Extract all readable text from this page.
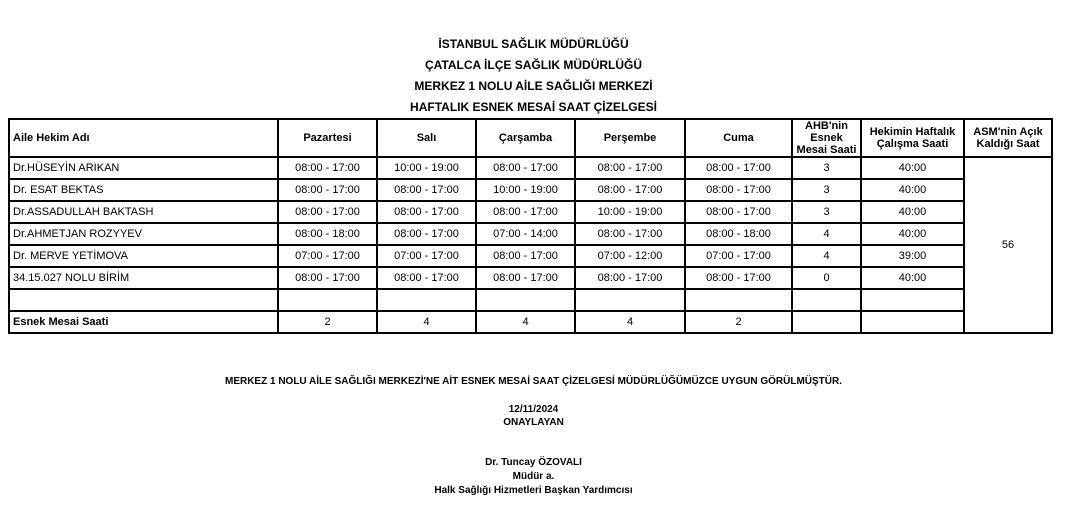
İSTANBUL SAĞLIK MÜDÜRLÜĞÜ
ÇATALCA İLÇE SAĞLIK MÜDÜRLÜĞÜ
MERKEZ 1 NOLU AİLE SAĞLIĞI MERKEZİ
HAFTALIK ESNEK MESAİ SAAT ÇİZELGESİ
Aile Hekim Adı	Pazartesi	Salı	Çarşamba	Perşembe	Cuma	AHB'nin Esnek Mesai Saati	Hekimin Haftalık Çalışma Saati	ASM'nin Açık Kaldığı Saat
Dr.HÜSEYİN ARIKAN	08:00 - 17:00	10:00 - 19:00	08:00 - 17:00	08:00 - 17:00	08:00 - 17:00	3	40:00	56
Dr. ESAT BEKTAS	08:00 - 17:00	08:00 - 17:00	10:00 - 19:00	08:00 - 17:00	08:00 - 17:00	3	40:00	
Dr.ASSADULLAH BAKTASH	08:00 - 17:00	08:00 - 17:00	08:00 - 17:00	10:00 - 19:00	08:00 - 17:00	3	40:00	
Dr.AHMETJAN ROZYYEV	08:00 - 18:00	08:00 - 17:00	07:00 - 14:00	08:00 - 17:00	08:00 - 18:00	4	40:00	
Dr. MERVE YETİMOVA	07:00 - 17:00	07:00 - 17:00	08:00 - 17:00	07:00 - 12:00	07:00 - 17:00	4	39:00	
34.15.027 NOLU BİRİM	08:00 - 17:00	08:00 - 17:00	08:00 - 17:00	08:00 - 17:00	08:00 - 17:00	0	40:00	

Esnek Mesai Saati	2	4	4	4	2			
MERKEZ 1 NOLU AİLE SAĞLIĞI MERKEZİ'NE AİT ESNEK MESAİ SAAT ÇİZELGESİ MÜDÜRLÜĞÜMÜZCE UYGUN GÖRÜLMÜŞTÜR.
12/11/2024
ONAYLAYAN
Dr. Tuncay ÖZOVALI
Müdür a.
Halk Sağlığı Hizmetleri Başkan Yardımcısı
